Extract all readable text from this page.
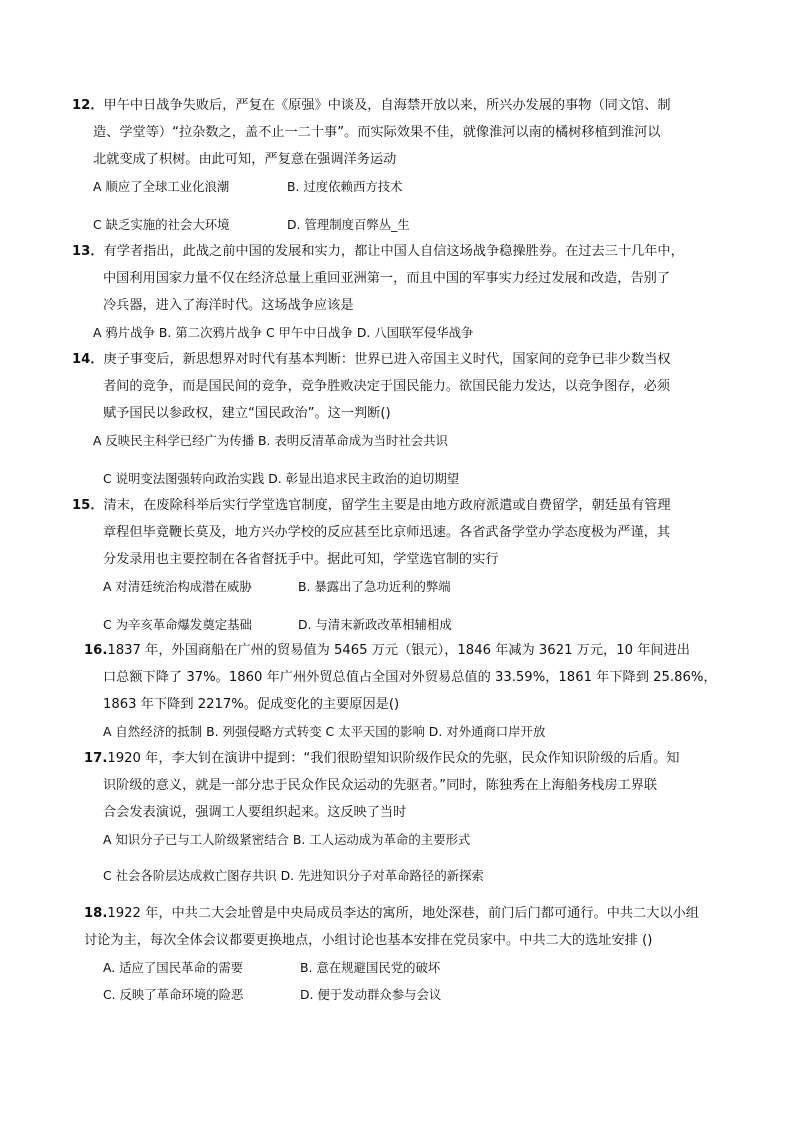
12．甲午中日战争失败后，严复在《原强》中谈及，自海禁开放以来，所兴办发展的事物（同文馆、制
造、学堂等）“拉杂数之，盖不止一二十事”。而实际效果不佳，就像淮河以南的橘树移植到淮河以
北就变成了枳树。由此可知，严复意在强调洋务运动
A 顺应了全球工业化浪潮	B. 过度依赖西方技术
C 缺乏实施的社会大环境	D. 管理制度百弊丛_生
13．有学者指出，此战之前中国的发展和实力，都让中国人自信这场战争稳操胜券。在过去三十几年中，
中国利用国家力量不仅在经济总量上重回亚洲第一，而且中国的军事实力经过发展和改造，告别了
冷兵器，进入了海洋时代。这场战争应该是
A 鸦片战争 B. 第二次鸦片战争 C 甲午中日战争 D. 八国联军侵华战争
14．庚子事变后，新思想界对时代有基本判断：世界已进入帝国主义时代，国家间的竞争已非少数当权
者间的竞争，而是国民间的竞争，竞争胜败决定于国民能力。欲国民能力发达，以竞争图存，必须
赋予国民以参政权，建立“国民政治”。这一判断()
A 反映民主科学已经广为传播 B. 表明反清革命成为当时社会共识
C 说明变法图强转向政治实践 D. 彰显出追求民主政治的迫切期望
15．清末，在废除科举后实行学堂选官制度，留学生主要是由地方政府派遣或自费留学，朝廷虽有管理
章程但毕竟鞭长莫及，地方兴办学校的反应甚至比京师迅速。各省武备学堂办学态度极为严谨，其
分发录用也主要控制在各省督抚手中。据此可知，学堂选官制的实行
A 对清廷统治构成潜在威胁	B. 暴露出了急功近利的弊端
C 为辛亥革命爆发奠定基础	D. 与清末新政改革相辅相成
16.1837 年，外国商船在广州的贸易值为 5465 万元（银元），1846 年减为 3621 万元，10 年间进出
口总额下降了 37%。1860 年广州外贸总值占全国对外贸易总值的 33.59%，1861 年下降到 25.86%，
1863 年下降到 2217%。促成变化的主要原因是()
A 自然经济的抵制 B. 列强侵略方式转变 C 太平天国的影响 D. 对外通商口岸开放
17.1920 年，李大钊在演讲中提到：“我们很盼望知识阶级作民众的先驱，民众作知识阶级的后盾。知
识阶级的意义，就是一部分忠于民众作民众运动的先驱者。”同时，陈独秀在上海船务栈房工界联
合会发表演说，强调工人要组织起来。这反映了当时
A 知识分子已与工人阶级紧密结合 B. 工人运动成为革命的主要形式
C 社会各阶层达成救亡图存共识 D. 先进知识分子对革命路径的新探索
18.1922 年，中共二大会址曾是中央局成员李达的寓所，地处深巷，前门后门都可通行。中共二大以小组
讨论为主，每次全体会议都要更换地点，小组讨论也基本安排在党员家中。中共二大的选址安排 ()
A. 适应了国民革命的需要	B. 意在规避国民党的破坏
C. 反映了革命环境的险恶	D. 便于发动群众参与会议
